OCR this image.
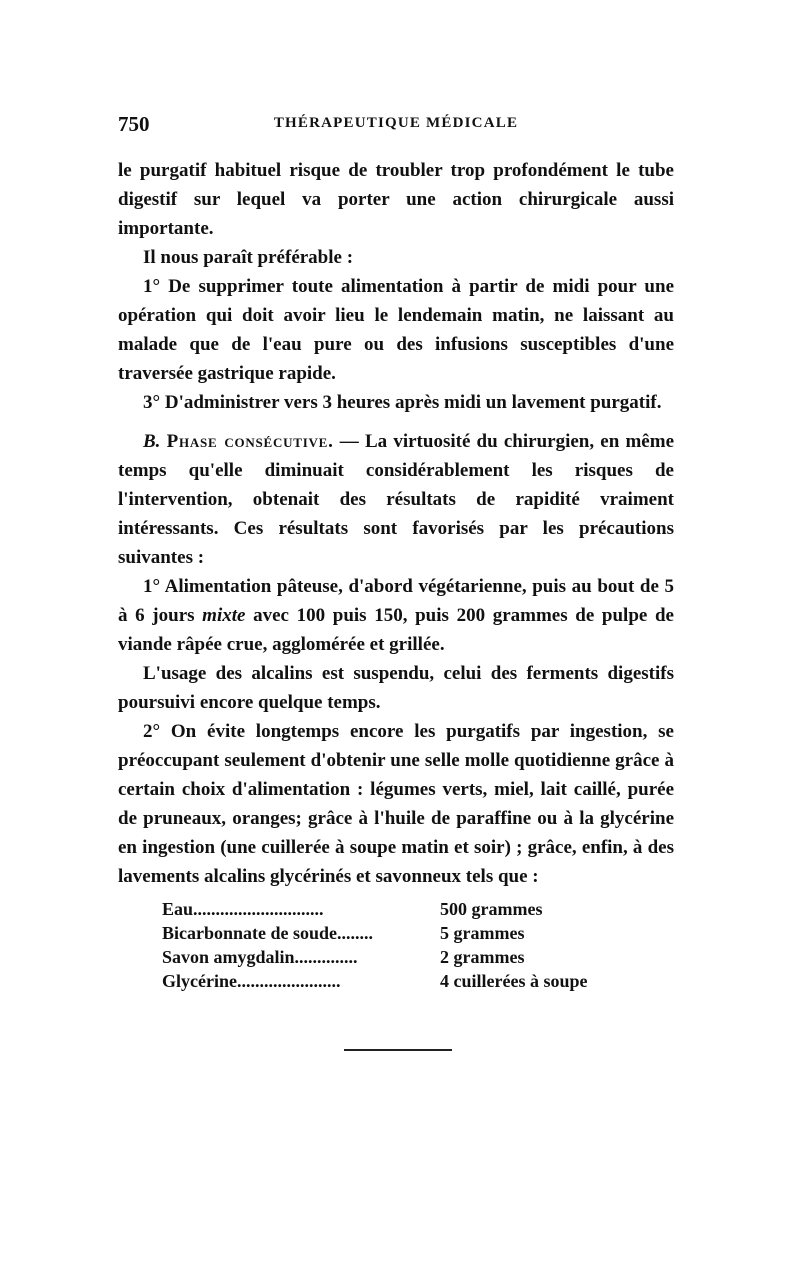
750	THÉRAPEUTIQUE MÉDICALE

le purgatif habituel risque de troubler trop profondément le tube digestif sur lequel va porter une action chirurgicale aussi importante.

Il nous paraît préférable :

1° De supprimer toute alimentation à partir de midi pour une opération qui doit avoir lieu le lendemain matin, ne laissant au malade que de l'eau pure ou des infusions susceptibles d'une traversée gastrique rapide.

3° D'administrer vers 3 heures après midi un lavement purgatif.

B. Phase consécutive. — La virtuosité du chirurgien, en même temps qu'elle diminuait considérablement les risques de l'intervention, obtenait des résultats de rapidité vraiment intéressants. Ces résultats sont favorisés par les précautions suivantes :

1° Alimentation pâteuse, d'abord végétarienne, puis au bout de 5 à 6 jours mixte avec 100 puis 150, puis 200 grammes de pulpe de viande râpée crue, agglomérée et grillée.

L'usage des alcalins est suspendu, celui des ferments digestifs poursuivi encore quelque temps.

2° On évite longtemps encore les purgatifs par ingestion, se préoccupant seulement d'obtenir une selle molle quotidienne grâce à certain choix d'alimentation : légumes verts, miel, lait caillé, purée de pruneaux, oranges; grâce à l'huile de paraffine ou à la glycérine en ingestion (une cuillerée à soupe matin et soir) ; grâce, enfin, à des lavements alcalins glycérinés et savonneux tels que :

Eau.............................	500 grammes
Bicarbonnate de soude........	5 grammes
Savon amygdalin..............	2 grammes
Glycérine.......................	4 cuillerées à soupe
